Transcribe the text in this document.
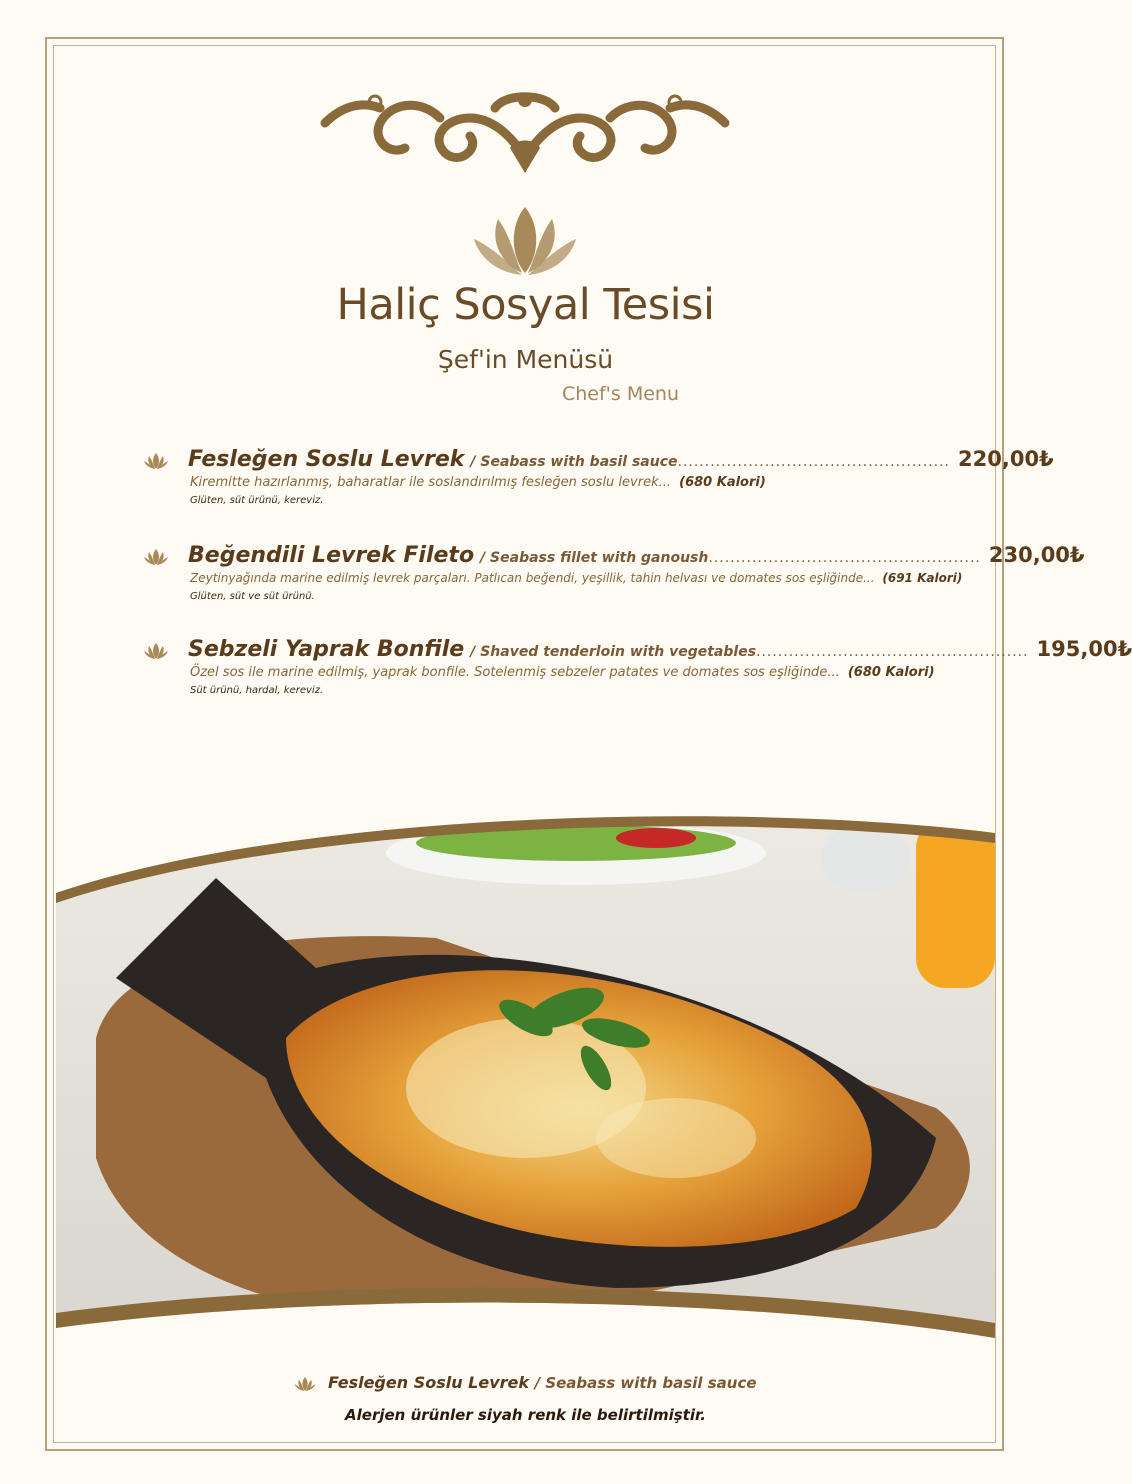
Haliç Sosyal Tesisi
Şef'in Menüsü
Chef's Menu
Fesleğen Soslu Levrek / Seabass with basil sauce .................................................. 220,00₺
Kiremitte hazırlanmış, baharatlar ile soslandırılmış fesleğen soslu levrek... (680 Kalori)
Glüten, süt ürünü, kereviz.
Beğendili Levrek Fileto / Seabass fillet with ganoush .................................................. 230,00₺
Zeytinyağında marine edilmiş levrek parçaları. Patlıcan beğendi, yeşillik, tahin helvası ve domates sos eşliğinde... (691 Kalori)
Glüten, süt ve süt ürünü.
Sebzeli Yaprak Bonfile / Shaved tenderloin with vegetables .................................................. 195,00₺
Özel sos ile marine edilmiş, yaprak bonfile. Sotelenmiş sebzeler patates ve domates sos eşliğinde... (680 Kalori)
Süt ürünü, hardal, kereviz.
Fesleğen Soslu Levrek / Seabass with basil sauce
Alerjen ürünler siyah renk ile belirtilmiştir.
